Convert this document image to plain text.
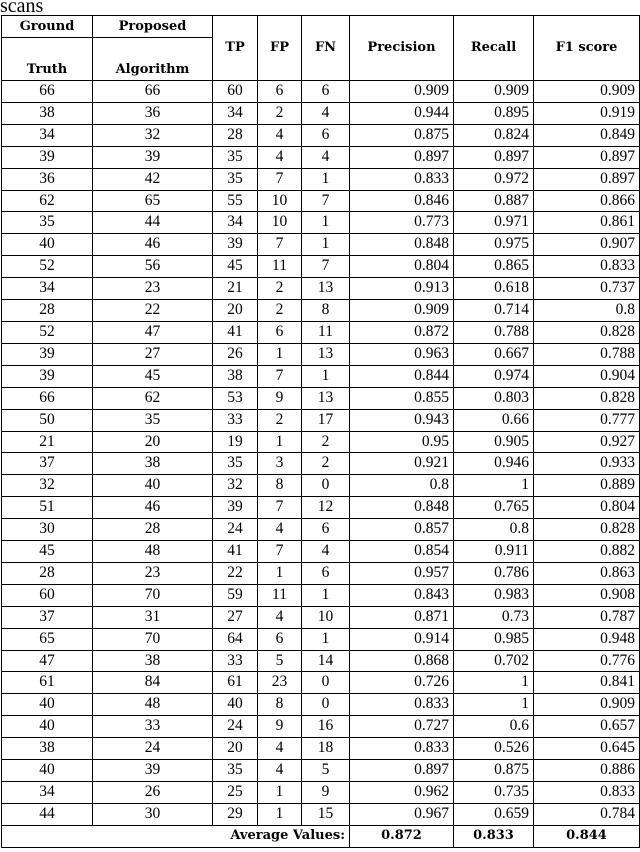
scans
Ground	Proposed	TP	FP	FN	Precision	Recall	F1 score

Truth	Algorithm						
66	66	60	6	6	0.909	0.909	0.909
38	36	34	2	4	0.944	0.895	0.919
34	32	28	4	6	0.875	0.824	0.849
39	39	35	4	4	0.897	0.897	0.897
36	42	35	7	1	0.833	0.972	0.897
62	65	55	10	7	0.846	0.887	0.866
35	44	34	10	1	0.773	0.971	0.861
40	46	39	7	1	0.848	0.975	0.907
52	56	45	11	7	0.804	0.865	0.833
34	23	21	2	13	0.913	0.618	0.737
28	22	20	2	8	0.909	0.714	0.8
52	47	41	6	11	0.872	0.788	0.828
39	27	26	1	13	0.963	0.667	0.788
39	45	38	7	1	0.844	0.974	0.904
66	62	53	9	13	0.855	0.803	0.828
50	35	33	2	17	0.943	0.66	0.777
21	20	19	1	2	0.95	0.905	0.927
37	38	35	3	2	0.921	0.946	0.933
32	40	32	8	0	0.8	1	0.889
51	46	39	7	12	0.848	0.765	0.804
30	28	24	4	6	0.857	0.8	0.828
45	48	41	7	4	0.854	0.911	0.882
28	23	22	1	6	0.957	0.786	0.863
60	70	59	11	1	0.843	0.983	0.908
37	31	27	4	10	0.871	0.73	0.787
65	70	64	6	1	0.914	0.985	0.948
47	38	33	5	14	0.868	0.702	0.776
61	84	61	23	0	0.726	1	0.841
40	48	40	8	0	0.833	1	0.909
40	33	24	9	16	0.727	0.6	0.657
38	24	20	4	18	0.833	0.526	0.645
40	39	35	4	5	0.897	0.875	0.886
34	26	25	1	9	0.962	0.735	0.833
44	30	29	1	15	0.967	0.659	0.784
Average Values:					0.872	0.833	0.844
